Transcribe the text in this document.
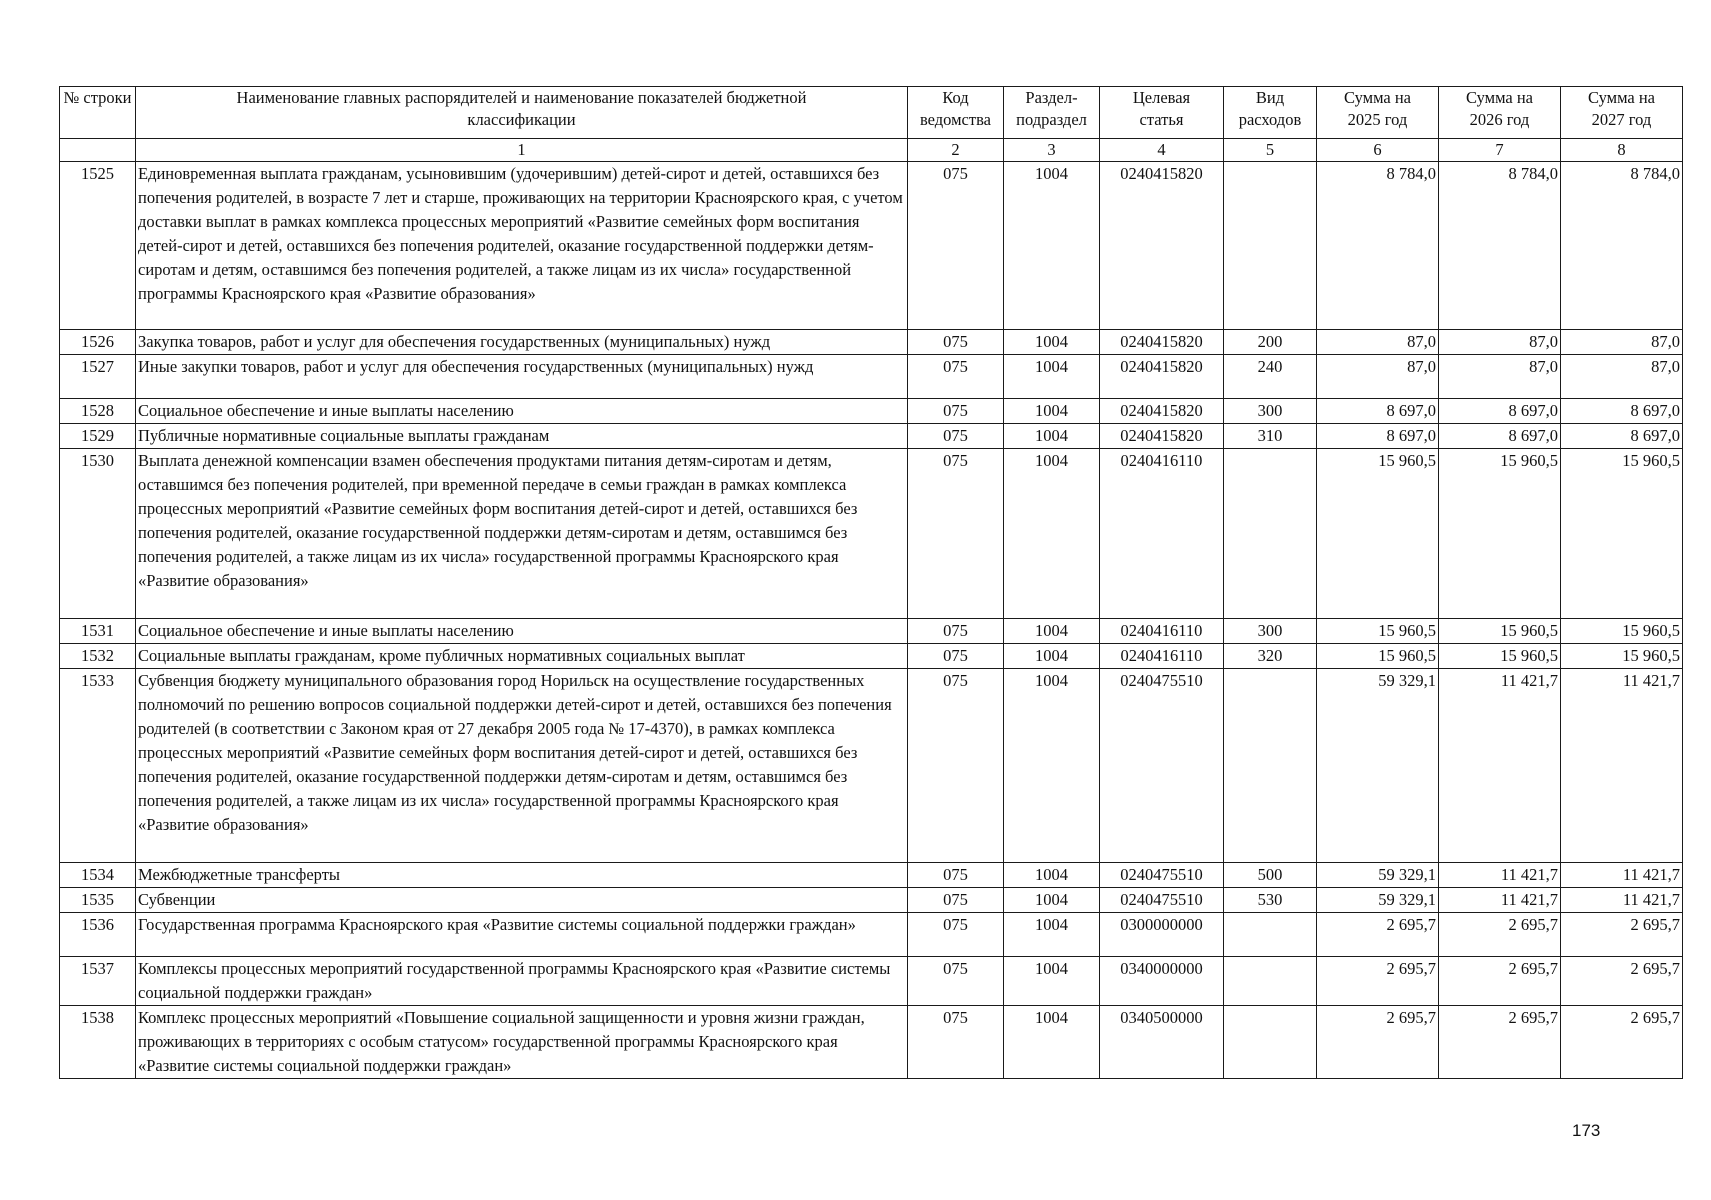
№ строки	Наименование главных распорядителей и наименование показателей бюджетной классификации	Код ведомства	Раздел-подраздел	Целевая статья	Вид расходов	Сумма на 2025 год	Сумма на 2026 год	Сумма на 2027 год
	1	2	3	4	5	6	7	8
1525	Единовременная выплата гражданам, усыновившим (удочерившим) детей-сирот и детей, оставшихся без попечения родителей, в возрасте 7 лет и старше, проживающих на территории Красноярского края, с учетом доставки выплат в рамках комплекса процессных мероприятий «Развитие семейных форм воспитания детей-сирот и детей, оставшихся без попечения родителей, оказание государственной поддержки детям-сиротам и детям, оставшимся без попечения родителей, а также лицам из их числа» государственной программы Красноярского края «Развитие образования»	075	1004	0240415820		8 784,0	8 784,0	8 784,0
1526	Закупка товаров, работ и услуг для обеспечения государственных (муниципальных) нужд	075	1004	0240415820	200	87,0	87,0	87,0
1527	Иные закупки товаров, работ и услуг для обеспечения государственных (муниципальных) нужд	075	1004	0240415820	240	87,0	87,0	87,0
1528	Социальное обеспечение и иные выплаты населению	075	1004	0240415820	300	8 697,0	8 697,0	8 697,0
1529	Публичные нормативные социальные выплаты гражданам	075	1004	0240415820	310	8 697,0	8 697,0	8 697,0
1530	Выплата денежной компенсации взамен обеспечения продуктами питания детям-сиротам и детям, оставшимся без попечения родителей, при временной передаче в семьи граждан в рамках комплекса процессных мероприятий «Развитие семейных форм воспитания детей-сирот и детей, оставшихся без попечения родителей, оказание государственной поддержки детям-сиротам и детям, оставшимся без попечения родителей, а также лицам из их числа» государственной программы Красноярского края «Развитие образования»	075	1004	0240416110		15 960,5	15 960,5	15 960,5
1531	Социальное обеспечение и иные выплаты населению	075	1004	0240416110	300	15 960,5	15 960,5	15 960,5
1532	Социальные выплаты гражданам, кроме публичных нормативных социальных выплат	075	1004	0240416110	320	15 960,5	15 960,5	15 960,5
1533	Субвенция бюджету муниципального образования город Норильск на осуществление государственных полномочий по решению вопросов социальной поддержки детей-сирот и детей, оставшихся без попечения родителей (в соответствии с Законом края от 27 декабря 2005 года № 17-4370), в рамках комплекса процессных мероприятий «Развитие семейных форм воспитания детей-сирот и детей, оставшихся без попечения родителей, оказание государственной поддержки детям-сиротам и детям, оставшимся без попечения родителей, а также лицам из их числа» государственной программы Красноярского края «Развитие образования»	075	1004	0240475510		59 329,1	11 421,7	11 421,7
1534	Межбюджетные трансферты	075	1004	0240475510	500	59 329,1	11 421,7	11 421,7
1535	Субвенции	075	1004	0240475510	530	59 329,1	11 421,7	11 421,7
1536	Государственная программа Красноярского края «Развитие системы социальной поддержки граждан»	075	1004	0300000000		2 695,7	2 695,7	2 695,7
1537	Комплексы процессных мероприятий государственной программы Красноярского края «Развитие системы социальной поддержки граждан»	075	1004	0340000000		2 695,7	2 695,7	2 695,7
1538	Комплекс процессных мероприятий «Повышение социальной защищенности и уровня жизни граждан, проживающих в территориях с особым статусом» государственной программы Красноярского края «Развитие системы социальной поддержки граждан»	075	1004	0340500000		2 695,7	2 695,7	2 695,7
173
